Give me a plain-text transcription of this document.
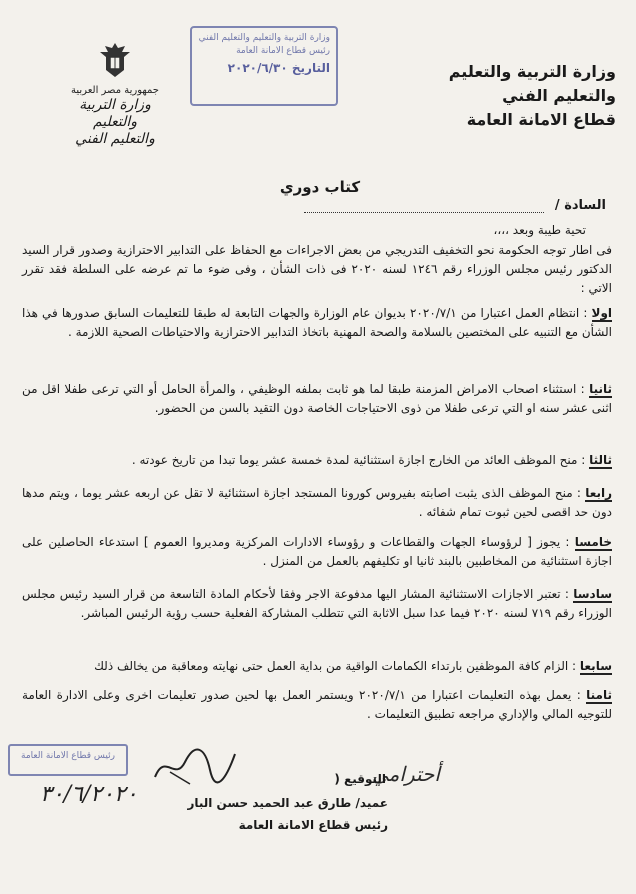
وزارة التربية والتعليم
والتعليم الفني
قطاع الامانة العامة
جمهورية مصر العربية
وزارة التربية والتعليم
والتعليم الفني
وزارة التربية والتعليم والتعليم الفني
رئيس قطاع الامانة العامة
التاريخ ٢٠٢٠/٦/٣٠
كتاب دوري
السادة /
تحية طيبة وبعد ،،،،
فى اطار توجه الحكومة نحو التخفيف التدريجي من بعض الاجراءات مع الحفاظ على التدابير الاحترازية وصدور قرار السيد الدكتور رئيس مجلس الوزراء رقم ١٢٤٦ لسنه ٢٠٢٠ فى ذات الشأن ، وفى ضوء ما تم عرضه على السلطة فقد تقرر الاتي :
اولا : انتظام العمل اعتبارا من ٢٠٢٠/٧/١ بديوان عام الوزارة والجهات التابعة له طبقا للتعليمات السابق صدورها في هذا الشأن مع التنبيه على المختصين بالسلامة والصحة المهنية باتخاذ التدابير الاحترازية والاحتياطات الصحية اللازمة .
ثانيا : استثناء اصحاب الامراض المزمنة طبقا لما هو ثابت بملفه الوظيفي ، والمرأة الحامل أو التي ترعى طفلا اقل من اثنى عشر سنه او التي ترعى طفلا من ذوى الاحتياجات الخاصة دون التقيد بالسن من الحضور.
ثالثا : منح الموظف العائد من الخارج اجازة استثنائية لمدة خمسة عشر يوما تبدا من تاريخ عودته .
رابعا : منح الموظف الذى يثبت اصابته بفيروس كورونا المستجد اجازة استثنائية لا تقل عن اربعه عشر يوما ، ويتم مدها دون حد اقصى لحين ثبوت تمام شفائه .
خامسا : يجوز [ لرؤوساء الجهات والقطاعات و رؤوساء الادارات المركزية ومديروا العموم ] استدعاء الحاصلين على اجازة استثنائية من المخاطبين بالبند ثانيا او تكليفهم بالعمل من المنزل .
سادسا : تعتبر الاجازات الاستثنائية المشار اليها مدفوعة الاجر وفقا لأحكام المادة التاسعة من قرار السيد رئيس مجلس الوزراء رقم ٧١٩ لسنه ٢٠٢٠ فيما عدا سبل الاثابة التي تتطلب المشاركة الفعلية حسب رؤية الرئيس المباشر.
سابعا : الزام كافة الموظفين بارتداء الكمامات الواقية من بداية العمل حتى نهايته ومعاقبة من يخالف ذلك
ثامنا : يعمل بهذه التعليمات اعتبارا من ٢٠٢٠/٧/١ ويستمر العمل بها لحين صدور تعليمات اخرى وعلى الادارة العامة للتوجيه المالي والإداري مراجعه تطبيق التعليمات .
رئيس قطاع الامانة العامة
٣٠/٦/٢٠٢٠
أحترامي
التوقيع (
عميد/ طارق عبد الحميد حسن البار
رئيس قطاع الامانة العامة
